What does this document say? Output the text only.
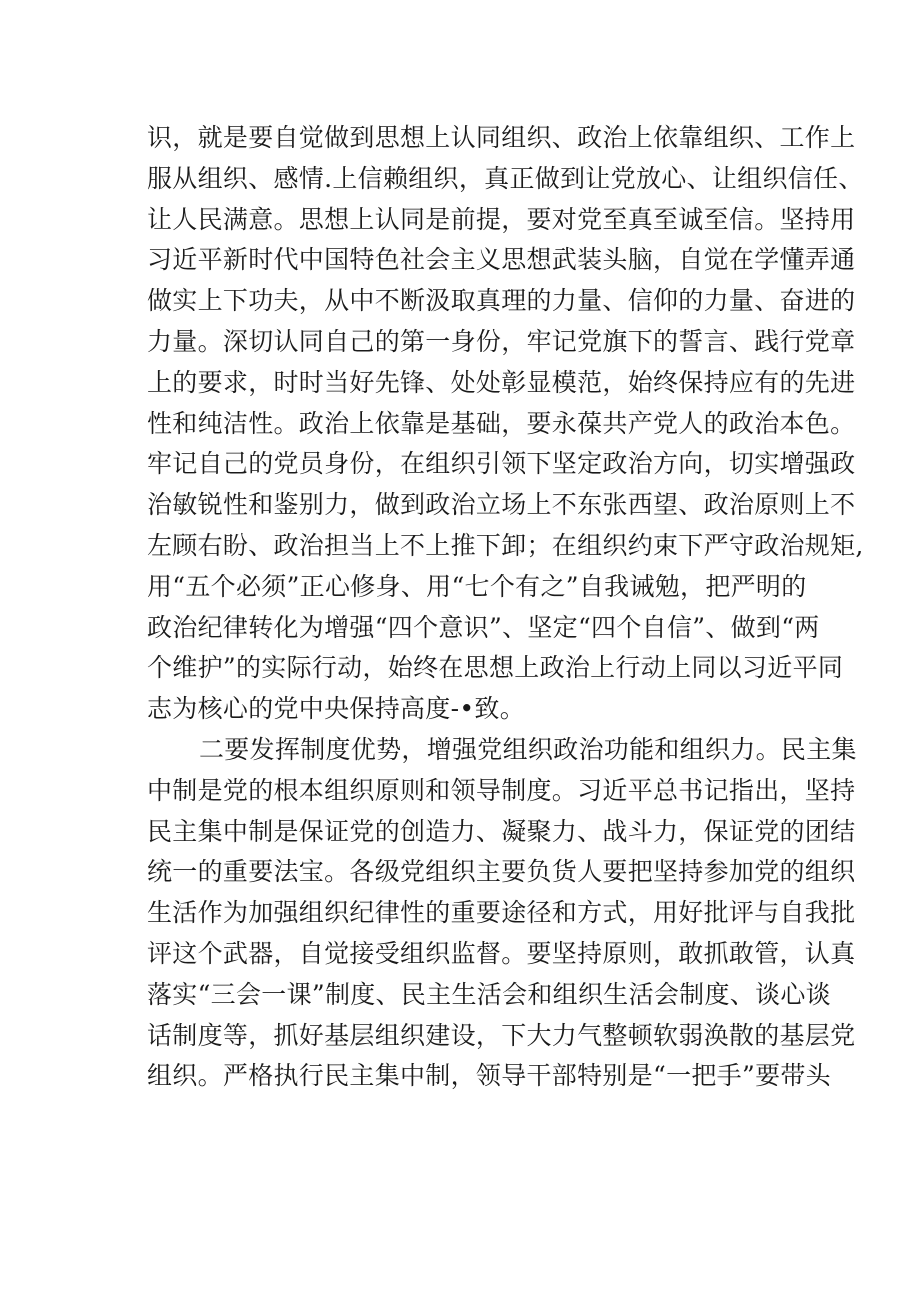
识，就是要自觉做到思想上认同组织、政治上依靠组织、工作上
服从组织、感情.上信赖组织，真正做到让党放心、让组织信任、
让人民满意。思想上认同是前提，要对党至真至诚至信。坚持用
习近平新时代中国特色社会主义思想武装头脑，自觉在学懂弄通
做实上下功夫，从中不断汲取真理的力量、信仰的力量、奋进的
力量。深切认同自己的第一身份，牢记党旗下的誓言、践行党章
上的要求，时时当好先锋、处处彰显模范，始终保持应有的先进
性和纯洁性。政治上依靠是基础，要永葆共产党人的政治本色。
牢记自己的党员身份，在组织引领下坚定政治方向，切实增强政
治敏锐性和鉴别力，做到政治立场上不东张西望、政治原则上不
左顾右盼、政治担当上不上推下卸；在组织约束下严守政治规矩,
用“五个必须”正心修身、用“七个有之”自我诫勉，把严明的
政治纪律转化为增强“四个意识”、坚定“四个自信”、做到“两
个维护”的实际行动，始终在思想上政治上行动上同以习近平同
志为核心的党中央保持高度-•致。
二要发挥制度优势，增强党组织政治功能和组织力。民主集
中制是党的根本组织原则和领导制度。习近平总书记指出，坚持
民主集中制是保证党的创造力、凝聚力、战斗力，保证党的团结
统一的重要法宝。各级党组织主要负货人要把坚持参加党的组织
生活作为加强组织纪律性的重要途径和方式，用好批评与自我批
评这个武器，自觉接受组织监督。要坚持原则，敢抓敢管，认真
落实“三会一课”制度、民主生活会和组织生活会制度、谈心谈
话制度等，抓好基层组织建设，下大力气整顿软弱涣散的基层党
组织。严格执行民主集中制，领导干部特别是“一把手”要带头
